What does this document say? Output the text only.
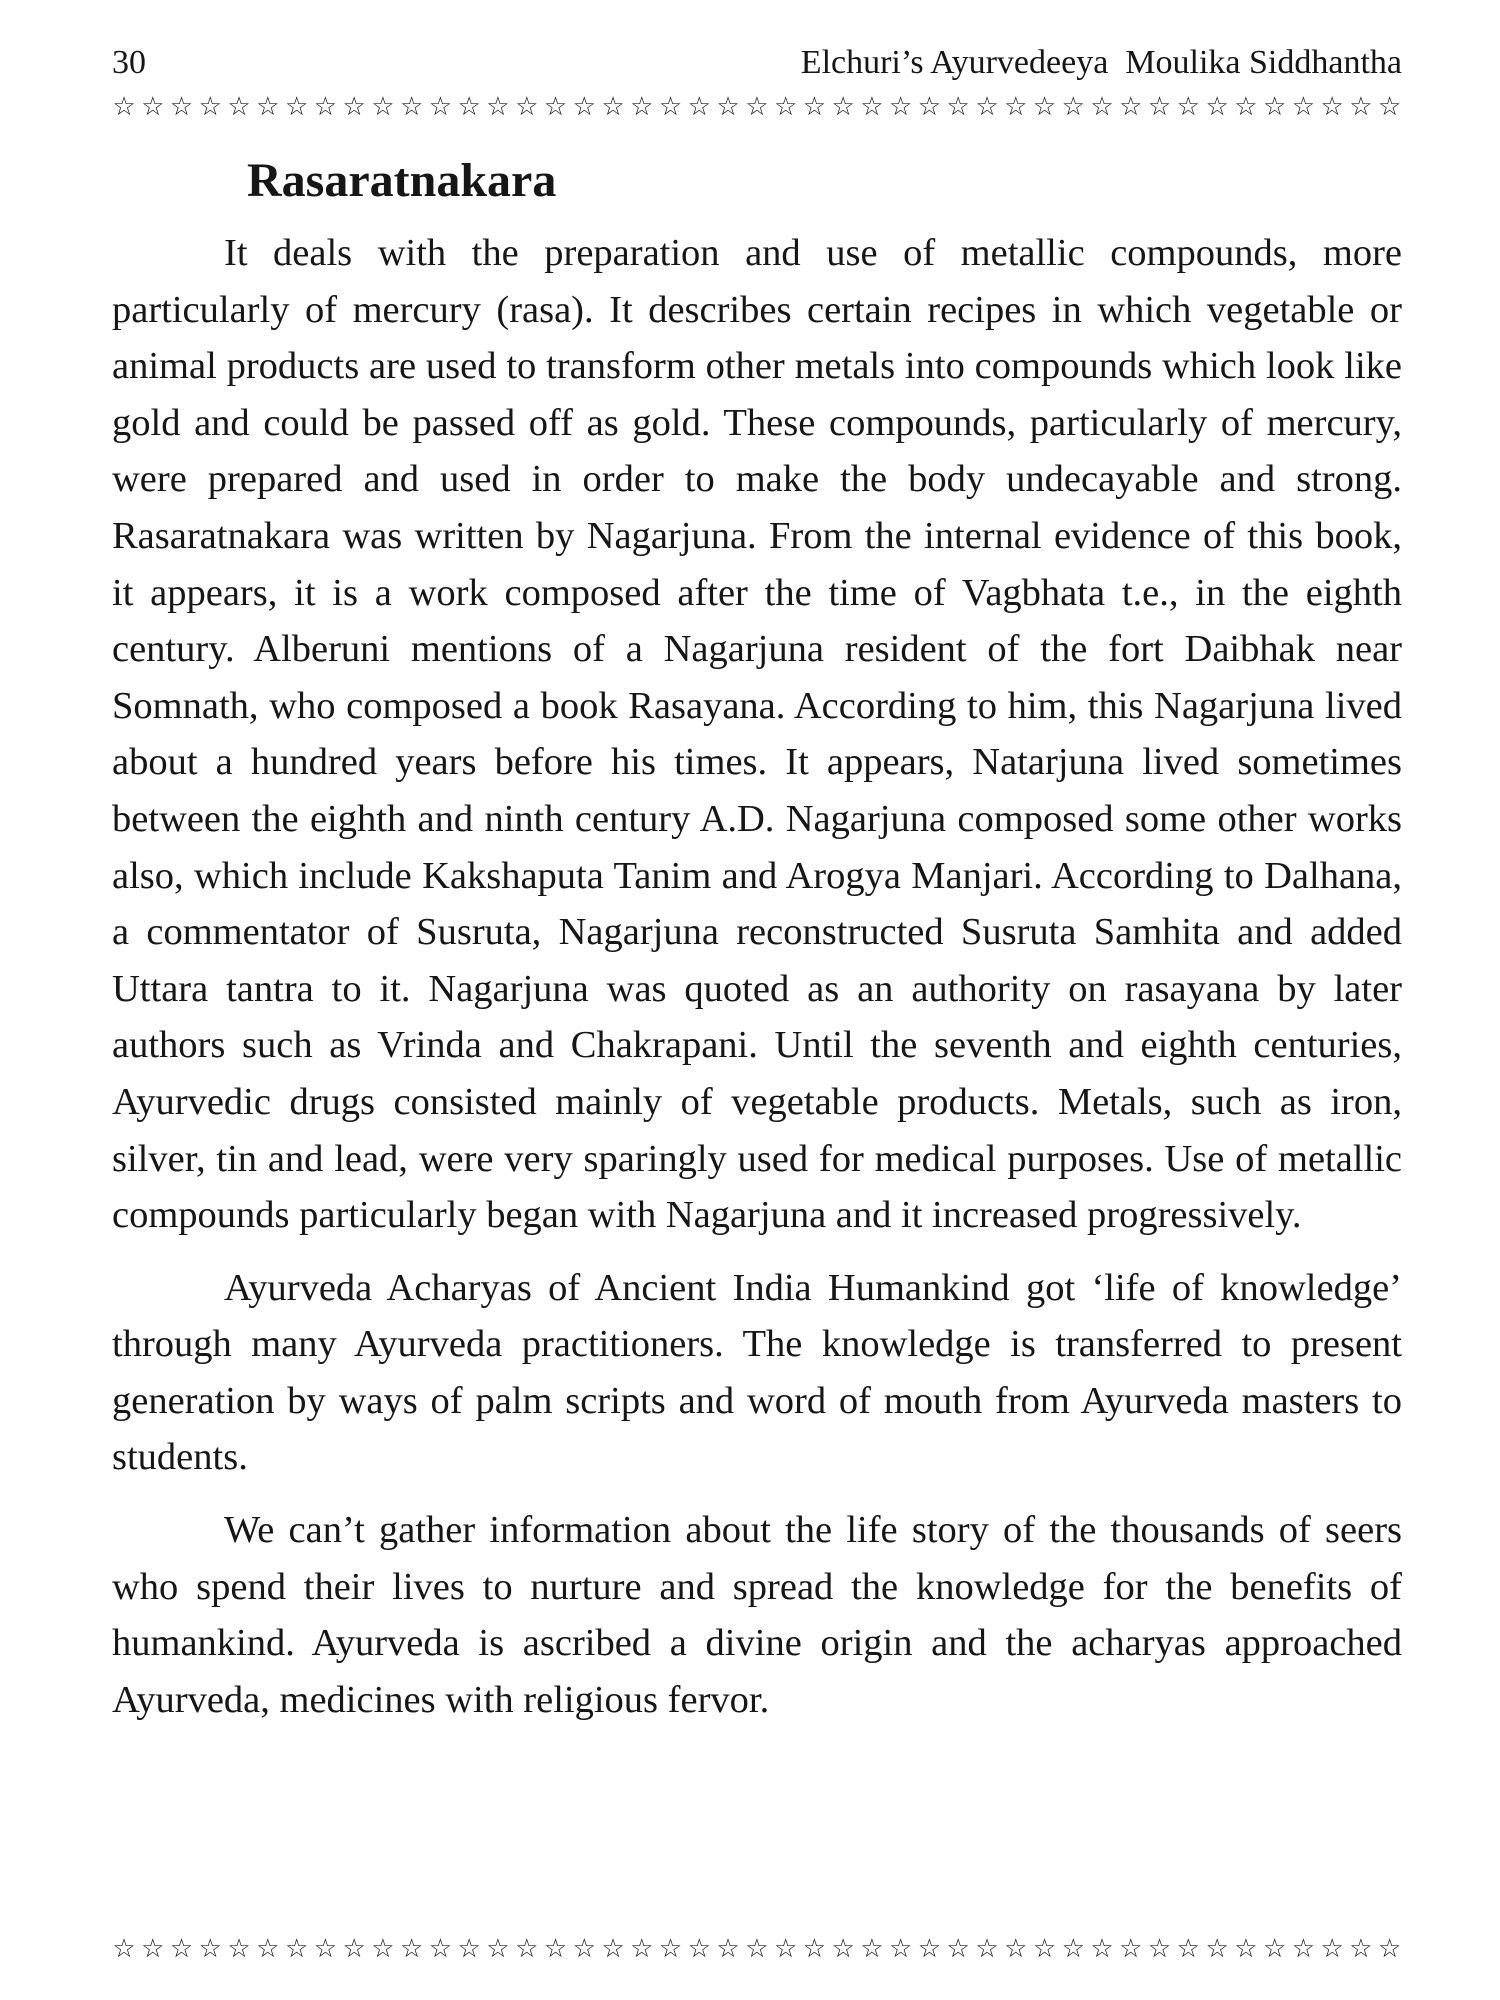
30	Elchuri’s Ayurvedeeya  Moulika Siddhantha
☆ ☆ ☆ ☆ ☆ ☆ ☆ ☆ ☆ ☆ ☆ ☆ ☆ ☆ ☆ ☆ ☆ ☆ ☆ ☆ ☆ ☆ ☆ ☆ ☆ ☆ ☆ ☆ ☆ ☆ ☆ ☆ ☆ ☆ ☆ ☆ ☆ ☆ ☆ ☆ ☆ ☆ ☆ ☆ ☆
Rasaratnakara

It deals with the preparation and use of metallic compounds, more particularly of mercury (rasa). It describes certain recipes in which vegetable or animal products are used to transform other metals into compounds which look like gold and could be passed off as gold. These compounds, particularly of mercury, were prepared and used in order to make the body undecayable and strong. Rasaratnakara was written by Nagarjuna. From the internal evidence of this book, it appears, it is a work composed after the time of Vagbhata t.e., in the eighth century. Alberuni mentions of a Nagarjuna resident of the fort Daibhak near Somnath, who composed a book Rasayana. According to him, this Nagarjuna lived about a hundred years before his times. It appears, Natarjuna lived sometimes between the eighth and ninth century A.D. Nagarjuna composed some other works also, which include Kakshaputa Tanim and Arogya Manjari. According to Dalhana, a commentator of Susruta, Nagarjuna reconstructed Susruta Samhita and added Uttara tantra to it. Nagarjuna was quoted as an authority on rasayana by later authors such as Vrinda and Chakrapani. Until the seventh and eighth centuries, Ayurvedic drugs consisted mainly of vegetable products. Metals, such as iron, silver, tin and lead, were very sparingly used for medical purposes. Use of metallic compounds particularly began with Nagarjuna and it increased progressively.

Ayurveda Acharyas of Ancient India Humankind got ‘life of knowledge’ through many Ayurveda practitioners. The knowledge is transferred to present generation by ways of palm scripts and word of mouth from Ayurveda masters to students.

We can’t gather information about the life story of the thousands of seers who spend their lives to nurture and spread the knowledge for the benefits of humankind. Ayurveda is ascribed a divine origin and the acharyas approached Ayurveda, medicines with religious fervor.

☆ ☆ ☆ ☆ ☆ ☆ ☆ ☆ ☆ ☆ ☆ ☆ ☆ ☆ ☆ ☆ ☆ ☆ ☆ ☆ ☆ ☆ ☆ ☆ ☆ ☆ ☆ ☆ ☆ ☆ ☆ ☆ ☆ ☆ ☆ ☆ ☆ ☆ ☆ ☆ ☆ ☆ ☆ ☆ ☆
